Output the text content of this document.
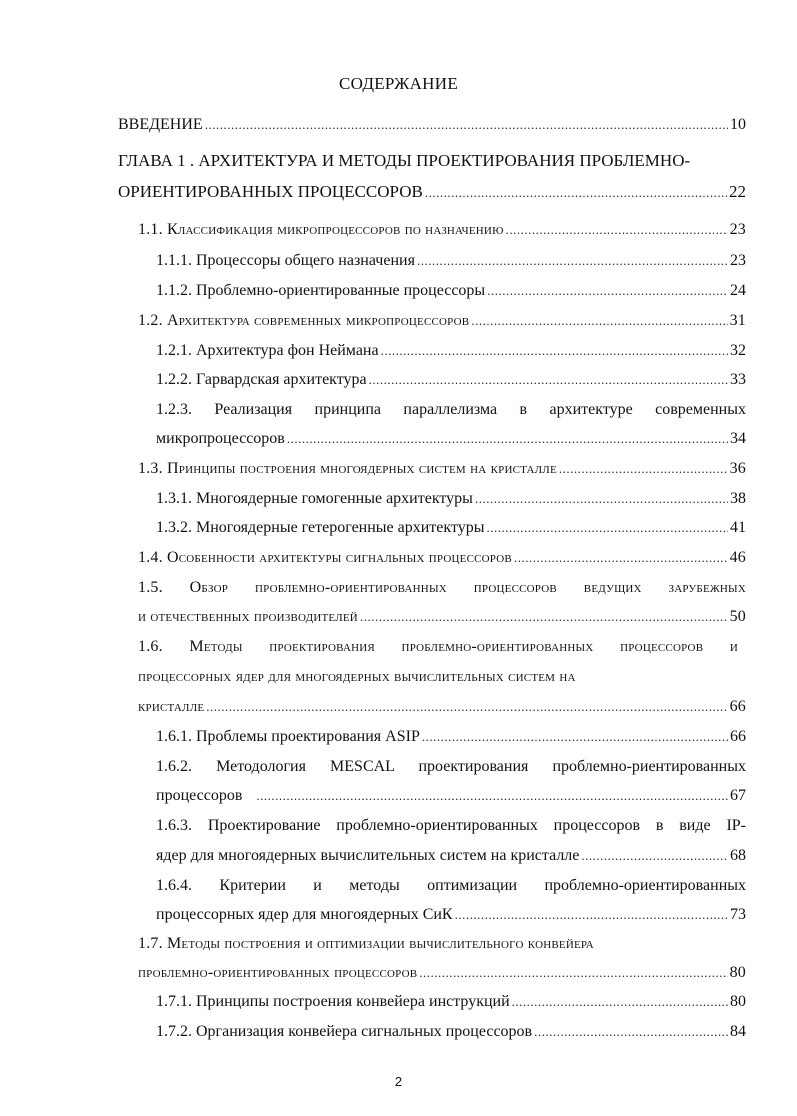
СОДЕРЖАНИЕ
ВВЕДЕНИЕ .....	10
ГЛАВА 1 . АРХИТЕКТУРА И МЕТОДЫ ПРОЕКТИРОВАНИЯ ПРОБЛЕМНО-
ОРИЕНТИРОВАННЫХ ПРОЦЕССОРОВ .....	22
1.1. Классификация микропроцессоров по назначению .....	23
1.1.1. Процессоры общего назначения .....	23
1.1.2. Проблемно-ориентированные процессоры .....	24
1.2. Архитектура современных микропроцессоров .....	31
1.2.1. Архитектура фон Неймана .....	32
1.2.2. Гарвардская архитектура .....	33
1.2.3. Реализация принципа параллелизма в архитектуре современных
микропроцессоров .....	34
1.3. Принципы построения многоядерных систем на кристалле .....	36
1.3.1. Многоядерные гомогенные архитектуры .....	38
1.3.2. Многоядерные гетерогенные архитектуры .....	41
1.4. Особенности архитектуры сигнальных процессоров .....	46
1.5. Обзор проблемно-ориентированных процессоров ведущих зарубежных
и отечественных производителей .....	50
1.6. Методы проектирования проблемно-ориентированных процессоров и
процессорных ядер для многоядерных вычислительных систем на
кристалле .....	66
1.6.1. Проблемы проектирования ASIP .....	66
1.6.2. Методология MESCAL проектирования проблемно-риентированных
процессоров .....	67
1.6.3. Проектирование проблемно-ориентированных процессоров в виде IP-
ядер для многоядерных вычислительных систем на кристалле .....	68
1.6.4. Критерии и методы оптимизации проблемно-ориентированных
процессорных ядер для многоядерных СиК .....	73
1.7. Методы построения и оптимизации вычислительного конвейера
проблемно-ориентированных процессоров .....	80
1.7.1. Принципы построения конвейера инструкций .....	80
1.7.2. Организация конвейера сигнальных процессоров .....	84
2
